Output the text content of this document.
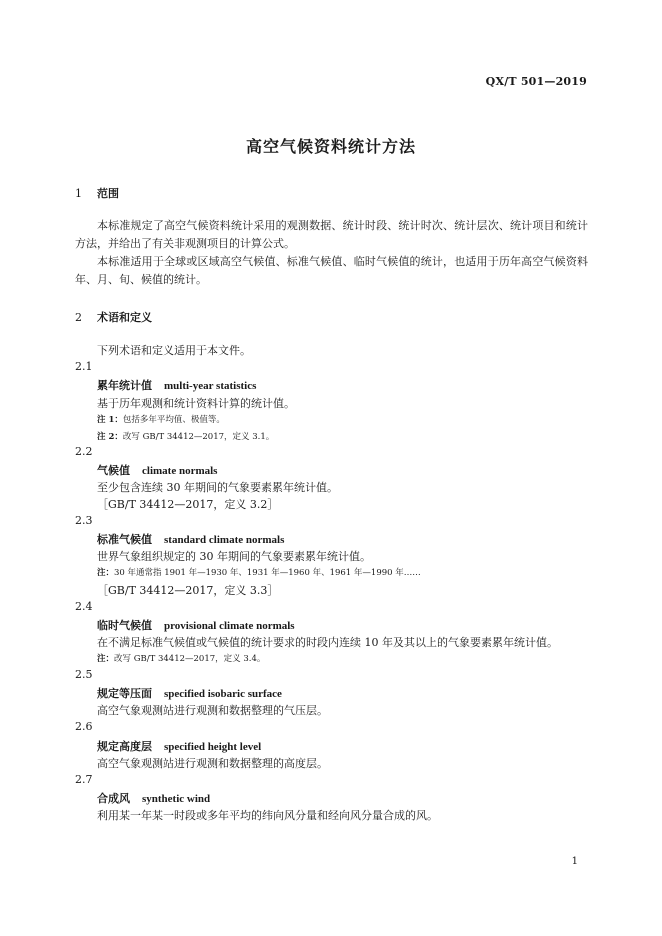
QX/T 501—2019
高空气候资料统计方法
1 范围
本标准规定了高空气候资料统计采用的观测数据、统计时段、统计时次、统计层次、统计项目和统计方法，并给出了有关非观测项目的计算公式。
本标准适用于全球或区域高空气候值、标准气候值、临时气候值的统计，也适用于历年高空气候资料年、月、旬、候值的统计。
2 术语和定义
下列术语和定义适用于本文件。
2.1
累年统计值 multi-year statistics
基于历年观测和统计资料计算的统计值。
注 1：包括多年平均值、极值等。
注 2：改写 GB/T 34412—2017，定义 3.1。
2.2
气候值 climate normals
至少包含连续 30 年期间的气象要素累年统计值。
［GB/T 34412—2017，定义 3.2］
2.3
标准气候值 standard climate normals
世界气象组织规定的 30 年期间的气象要素累年统计值。
注：30 年通常指 1901 年—1930 年、1931 年—1960 年、1961 年—1990 年……
［GB/T 34412—2017，定义 3.3］
2.4
临时气候值 provisional climate normals
在不满足标准气候值或气候值的统计要求的时段内连续 10 年及其以上的气象要素累年统计值。
注：改写 GB/T 34412—2017，定义 3.4。
2.5
规定等压面 specified isobaric surface
高空气象观测站进行观测和数据整理的气压层。
2.6
规定高度层 specified height level
高空气象观测站进行观测和数据整理的高度层。
2.7
合成风 synthetic wind
利用某一年某一时段或多年平均的纬向风分量和经向风分量合成的风。
1
